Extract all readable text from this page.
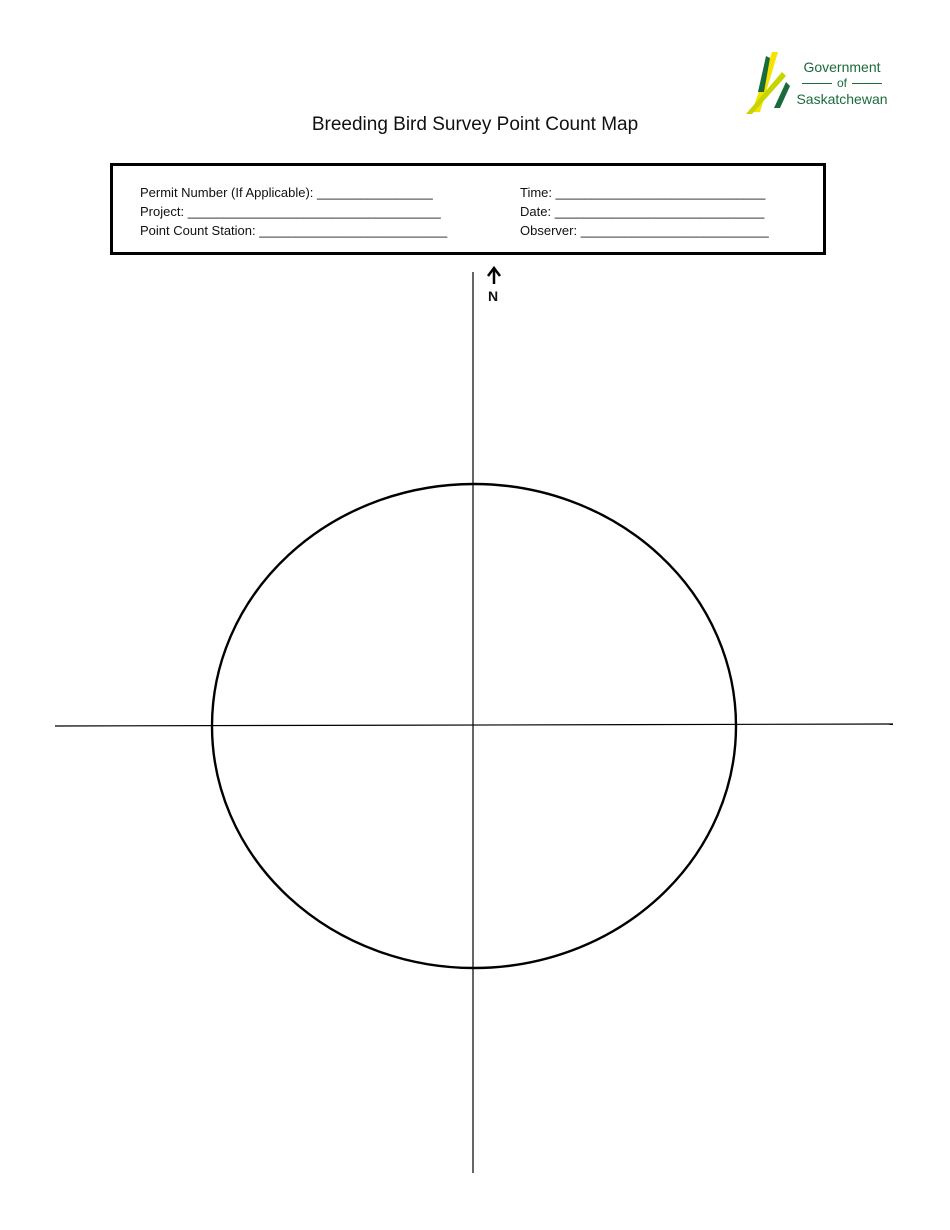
Government
of
Saskatchewan
Breeding Bird Survey Point Count Map
Permit Number (If Applicable): ________________
Project: ___________________________________
Point Count Station: __________________________
Time: _____________________________
Date: _____________________________
Observer: __________________________
N
